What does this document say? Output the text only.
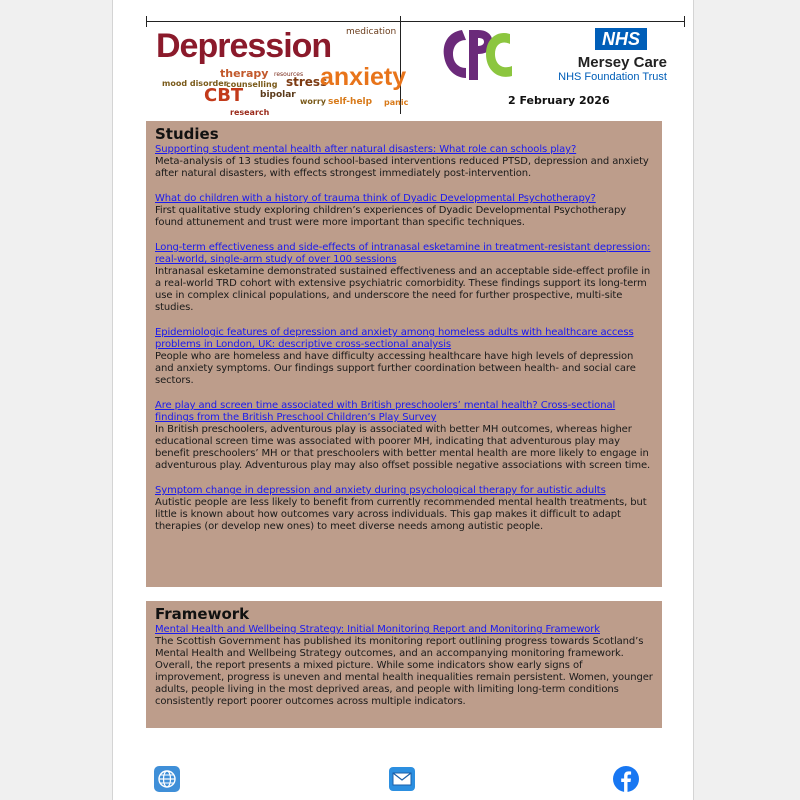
Depression medication
therapy resources
stress
anxiety
mood disorder
counselling
CBT bipolar
worry self-help panic
research
NHS
Mersey Care
NHS Foundation Trust
2 February 2026
Studies
Supporting student mental health after natural disasters: What role can schools play?

Meta-analysis of 13 studies found school-based interventions reduced PTSD, depression and anxiety after natural disasters, with effects strongest immediately post-intervention.

What do children with a history of trauma think of Dyadic Developmental Psychotherapy?

First qualitative study exploring children’s experiences of Dyadic Developmental Psychotherapy found attunement and trust were more important than specific techniques.

Long-term effectiveness and side-effects of intranasal esketamine in treatment-resistant depression: real-world, single-arm study of over 100 sessions

Intranasal esketamine demonstrated sustained effectiveness and an acceptable side-effect profile in a real-world TRD cohort with extensive psychiatric comorbidity. These findings support its long-term use in complex clinical populations, and underscore the need for further prospective, multi-site studies.

Epidemiologic features of depression and anxiety among homeless adults with healthcare access problems in London, UK: descriptive cross-sectional analysis

People who are homeless and have difficulty accessing healthcare have high levels of depression and anxiety symptoms. Our findings support further coordination between health- and social care sectors.

Are play and screen time associated with British preschoolers’ mental health? Cross-sectional findings from the British Preschool Children’s Play Survey

In British preschoolers, adventurous play is associated with better MH outcomes, whereas higher educational screen time was associated with poorer MH, indicating that adventurous play may benefit preschoolers’ MH or that preschoolers with better mental health are more likely to engage in adventurous play. Adventurous play may also offset possible negative associations with screen time.

Symptom change in depression and anxiety during psychological therapy for autistic adults

Autistic people are less likely to benefit from currently recommended mental health treatments, but little is known about how outcomes vary across individuals. This gap makes it difficult to adapt therapies (or develop new ones) to meet diverse needs among autistic people.

Framework
Mental Health and Wellbeing Strategy: Initial Monitoring Report and Monitoring Framework

The Scottish Government has published its monitoring report outlining progress towards Scotland’s Mental Health and Wellbeing Strategy outcomes, and an accompanying monitoring framework. Overall, the report presents a mixed picture. While some indicators show early signs of improvement, progress is uneven and mental health inequalities remain persistent. Women, younger adults, people living in the most deprived areas, and people with limiting long-term conditions consistently report poorer outcomes across multiple indicators.
